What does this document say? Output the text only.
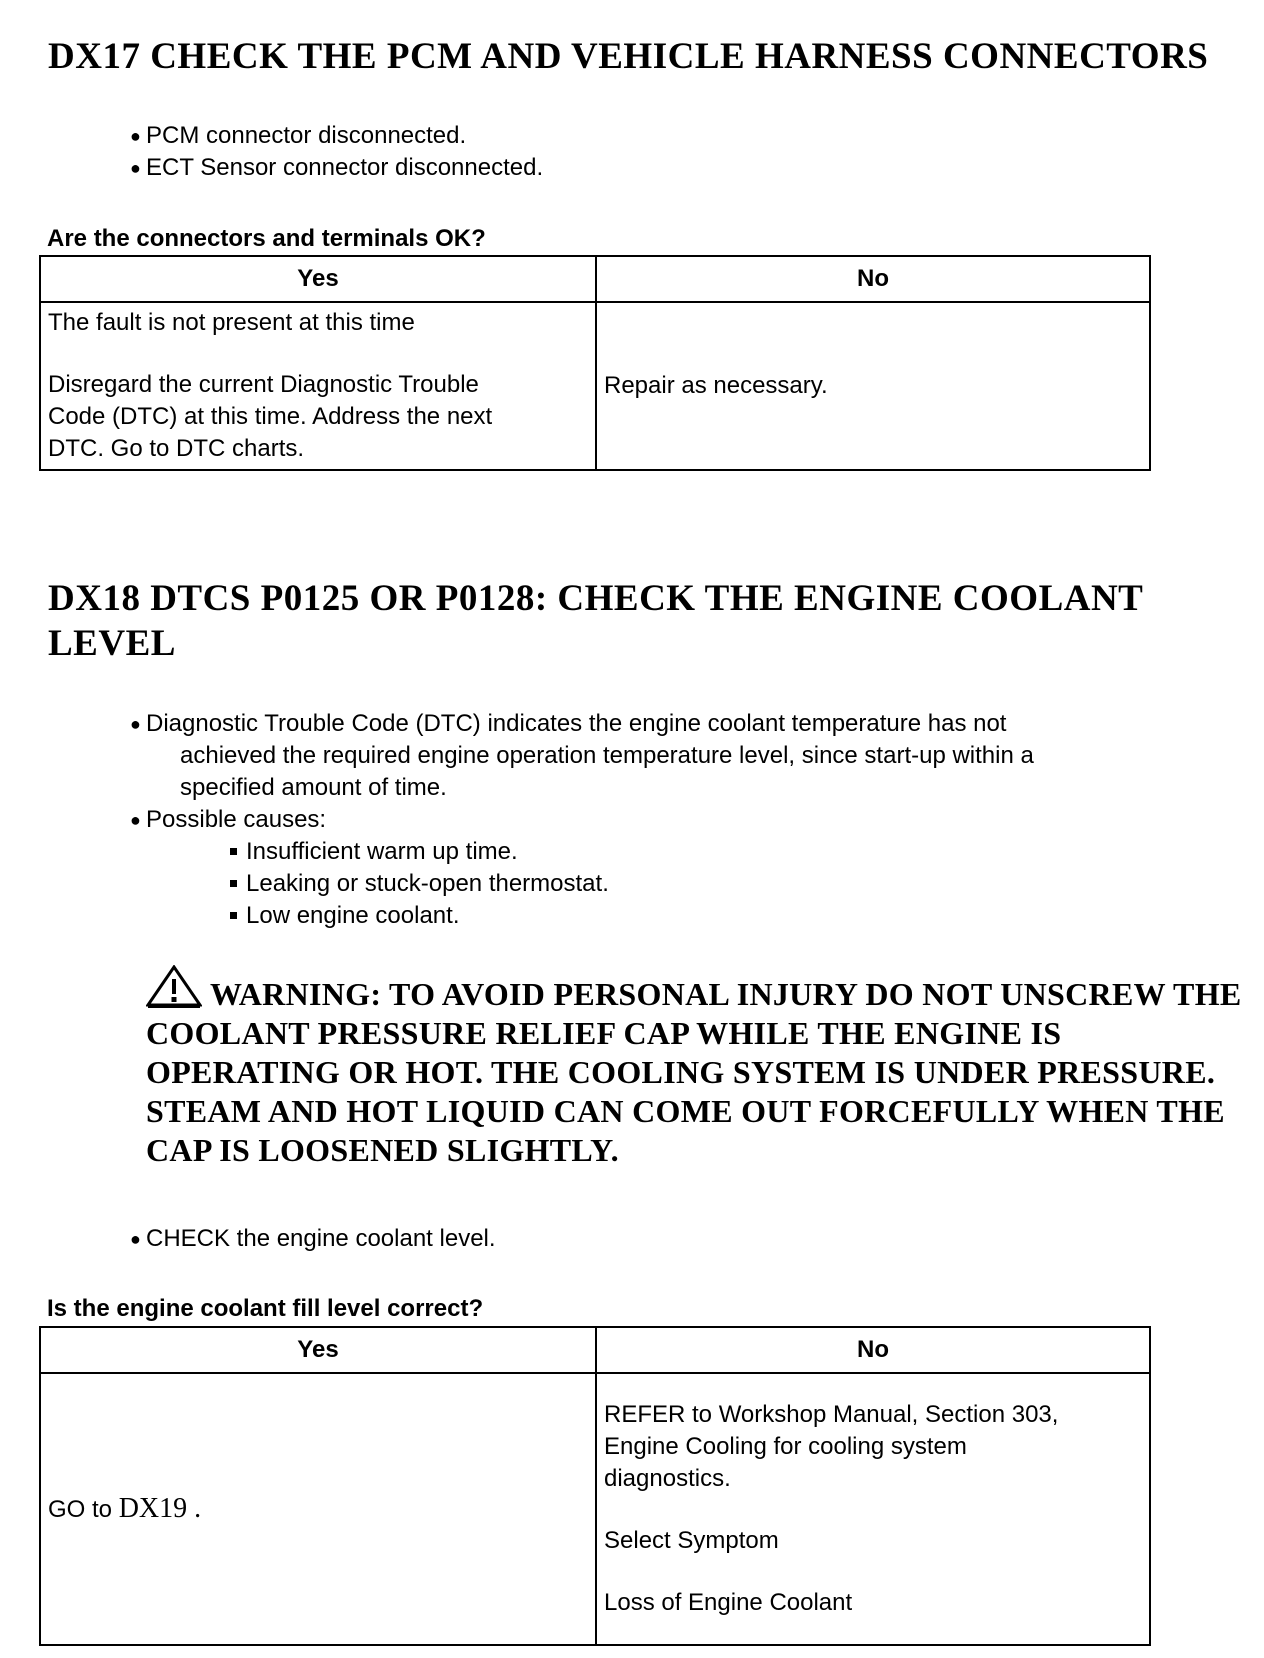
DX17 CHECK THE PCM AND VEHICLE HARNESS CONNECTORS
● PCM connector disconnected.
● ECT Sensor connector disconnected.

Are the connectors and terminals OK?

Yes	No

The fault is not present at this time
Disregard the current Diagnostic Trouble
Code (DTC) at this time. Address the next
DTC. Go to DTC charts.	Repair as necessary.
DX18 DTCS P0125 OR P0128: CHECK THE ENGINE COOLANT LEVEL
● Diagnostic Trouble Code (DTC) indicates the engine coolant temperature has not
achieved the required engine operation temperature level, since start-up within a
specified amount of time.
● Possible causes:
Insufficient warm up time.
Leaking or stuck-open thermostat.
Low engine coolant.

WARNING: TO AVOID PERSONAL INJURY DO NOT UNSCREW THE COOLANT PRESSURE RELIEF CAP WHILE THE ENGINE IS OPERATING OR HOT. THE COOLING SYSTEM IS UNDER PRESSURE. STEAM AND HOT LIQUID CAN COME OUT FORCEFULLY WHEN THE CAP IS LOOSENED SLIGHTLY.

● CHECK the engine coolant level.

Is the engine coolant fill level correct?

Yes	No
GO to DX19 .	REFER to Workshop Manual, Section 303,
Engine Cooling for cooling system
diagnostics.
Select Symptom
Loss of Engine Coolant
